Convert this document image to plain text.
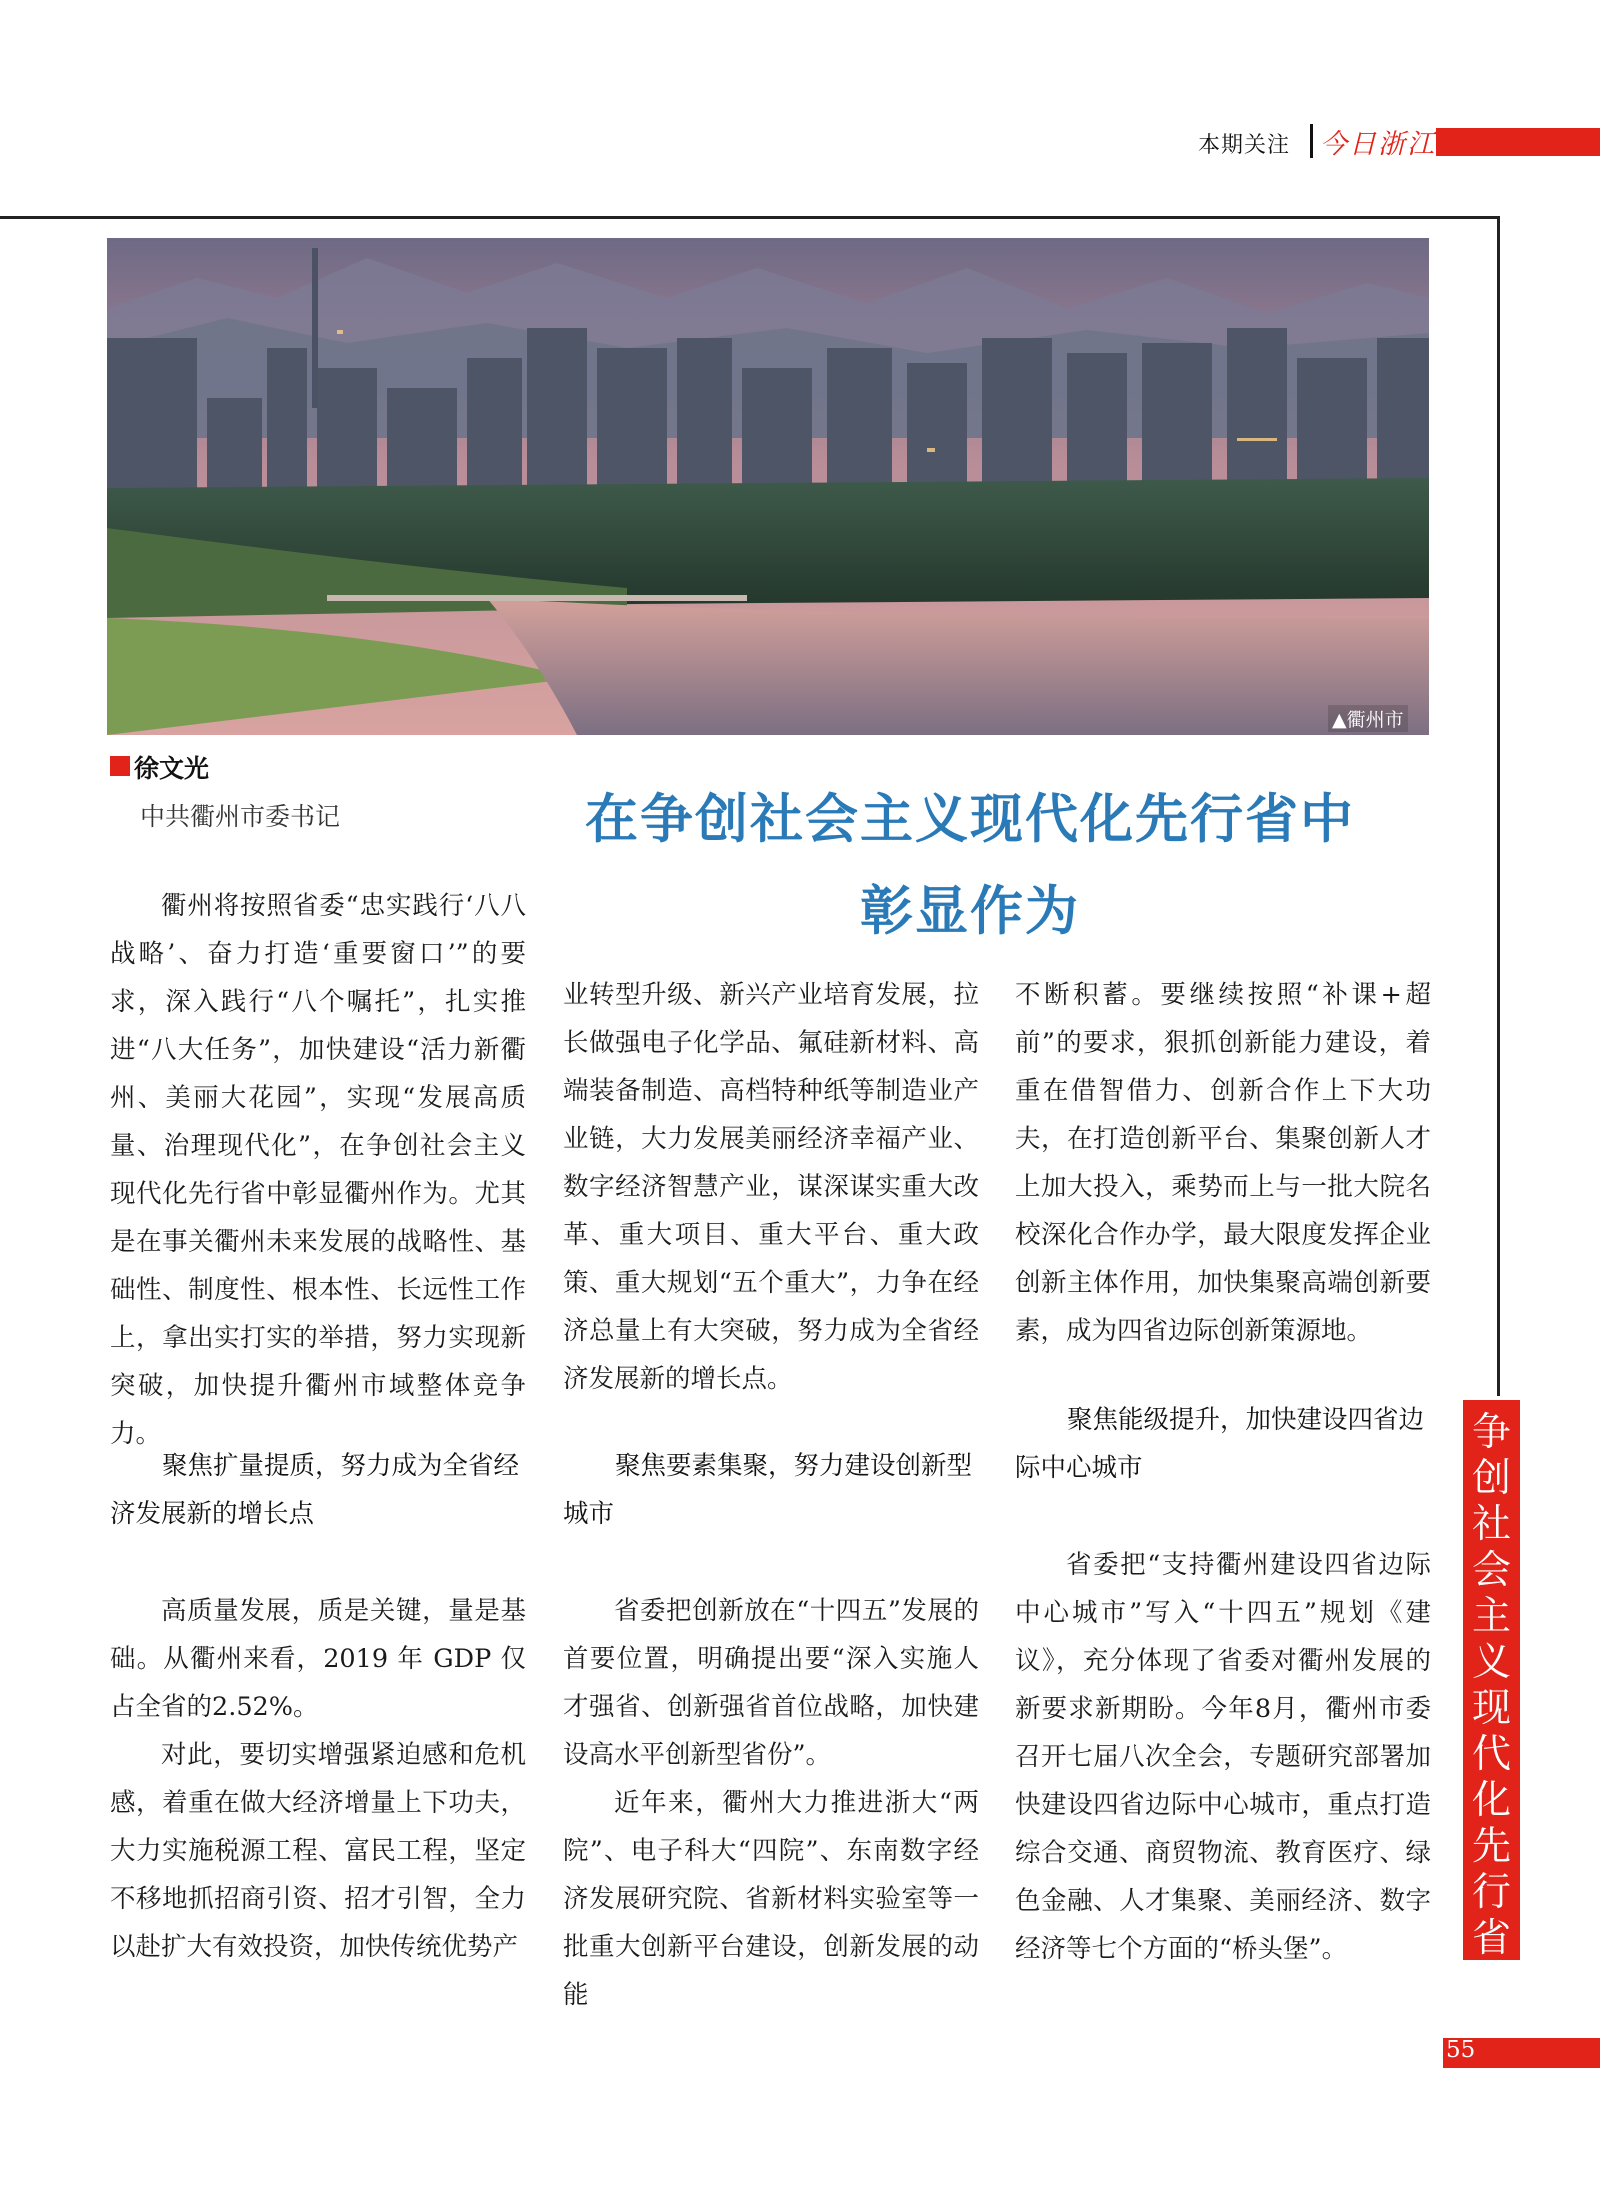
本期关注 今日浙江
▲衢州市
徐文光
中共衢州市委书记	在争创社会主义现代化先行省中
彰显作为

衢州将按照省委“忠实践行‘八八战略’、奋力打造‘重要窗口’”的要求，深入践行“八个嘱托”，扎实推进“八大任务”，加快建设“活力新衢州、美丽大花园”，实现“发展高质量、治理现代化”，在争创社会主义现代化先行省中彰显衢州作为。尤其是在事关衢州未来发展的战略性、基础性、制度性、根本性、长远性工作上，拿出实打实的举措，努力实现新突破，加快提升衢州市域整体竞争力。

聚焦扩量提质，努力成为全省经济发展新的增长点

高质量发展，质是关键，量是基础。从衢州来看，2019 年 GDP 仅占全省的2.52%。

对此，要切实增强紧迫感和危机感，着重在做大经济增量上下功夫，大力实施税源工程、富民工程，坚定不移地抓招商引资、招才引智，全力以赴扩大有效投资，加快传统优势产

业转型升级、新兴产业培育发展，拉长做强电子化学品、氟硅新材料、高端装备制造、高档特种纸等制造业产业链，大力发展美丽经济幸福产业、数字经济智慧产业，谋深谋实重大改革、重大项目、重大平台、重大政策、重大规划“五个重大”，力争在经济总量上有大突破，努力成为全省经济发展新的增长点。
聚焦要素集聚，努力建设创新型城市

省委把创新放在“十四五”发展的首要位置，明确提出要“深入实施人才强省、创新强省首位战略，加快建设高水平创新型省份”。

近年来，衢州大力推进浙大“两院”、电子科大“四院”、东南数字经济发展研究院、省新材料实验室等一批重大创新平台建设，创新发展的动能

不断积蓄。要继续按照“补课+超前”的要求，狠抓创新能力建设，着重在借智借力、创新合作上下大功夫，在打造创新平台、集聚创新人才上加大投入，乘势而上与一批大院名校深化合作办学，最大限度发挥企业创新主体作用，加快集聚高端创新要素，成为四省边际创新策源地。
聚焦能级提升，加快建设四省边际中心城市

省委把“支持衢州建设四省边际中心城市”写入“十四五”规划《建议》，充分体现了省委对衢州发展的新要求新期盼。今年8月，衢州市委召开七届八次全会，专题研究部署加快建设四省边际中心城市，重点打造综合交通、商贸物流、教育医疗、绿色金融、人才集聚、美丽经济、数字经济等七个方面的“桥头堡”。

争创社会主义现代化先行省
55
